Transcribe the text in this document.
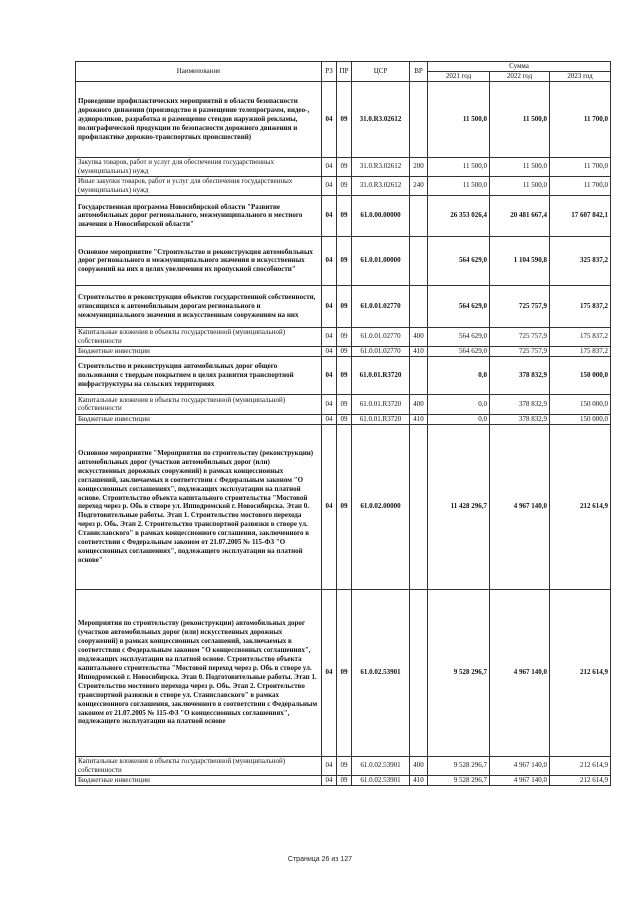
Наименование	РЗ	ПР	ЦСР	ВР	Сумма		
					2021 год	2022 год	2023 год
Проведение профилактических мероприятий в области безопасности дорожного движения (производство и размещение телепрограмм, видео-, аудиороликов, разработка и размещение стендов наружной рекламы, полиграфической продукции по безопасности дорожного движения и профилактике дорожно-транспортных происшествий)	04	09	31.0.R3.02612		11 500,0	11 500,0	11 700,0
Закупка товаров, работ и услуг для обеспечения государственных (муниципальных) нужд	04	09	31.0.R3.02612	200	11 500,0	11 500,0	11 700,0
Иные закупки товаров, работ и услуг для обеспечения государственных (муниципальных) нужд	04	09	31.0.R3.02612	240	11 500,0	11 500,0	11 700,0
Государственная программа Новосибирской области "Развитие автомобильных дорог регионального, межмуниципального и местного значения в Новосибирской области"	04	09	61.0.00.00000		26 353 026,4	20 481 667,4	17 607 842,1
Основное мероприятие "Строительство и реконструкция автомобильных дорог регионального и межмуниципального значения и искусственных сооружений на них в целях увеличения их пропускной способности"	04	09	61.0.01.00000		564 629,0	1 104 590,8	325 837,2
Строительство и реконструкция объектов государственной собственности, относящихся к автомобильным дорогам регионального и межмуниципального значения и искусственным сооружениям на них	04	09	61.0.01.02770		564 629,0	725 757,9	175 837,2
Капитальные вложения в объекты государственной (муниципальной) собственности	04	09	61.0.01.02770	400	564 629,0	725 757,9	175 837,2
Бюджетные инвестиции	04	09	61.0.01.02770	410	564 629,0	725 757,9	175 837,2
Строительство и реконструкция автомобильных дорог общего пользования с твердым покрытием в целях развития транспортной инфраструктуры на сельских территориях	04	09	61.0.01.R3720		0,0	378 832,9	150 000,0
Капитальные вложения в объекты государственной (муниципальной) собственности	04	09	61.0.01.R3720	400	0,0	378 832,9	150 000,0
Бюджетные инвестиции	04	09	61.0.01.R3720	410	0,0	378 832,9	150 000,0
Основное мероприятие "Мероприятия по строительству (реконструкции) автомобильных дорог (участков автомобильных дорог (или) искусственных дорожных сооружений) в рамках концессионных соглашений, заключаемых в соответствии с Федеральным законом "О концессионных соглашениях", подлежащих эксплуатации на платной основе. Строительство объекта капитального строительства "Мостовой переход через р. Обь в створе ул. Ипподромской г. Новосибирска. Этап 0. Подготовительные работы. Этап 1. Строительство мостового перехода через р. Обь. Этап 2. Строительство транспортной развязки в створе ул. Станиславского" в рамках концессионного соглашения, заключенного в соответствии с Федеральным законом от 21.07.2005 № 115-ФЗ "О концессионных соглашениях", подлежащего эксплуатации на платной основе"	04	09	61.0.02.00000		11 428 296,7	4 967 140,0	212 614,9
Мероприятия по строительству (реконструкции) автомобильных дорог (участков автомобильных дорог (или) искусственных дорожных сооружений) в рамках концессионных соглашений, заключаемых в соответствии с Федеральным законом "О концессионных соглашениях", подлежащих эксплуатации на платной основе. Строительство объекта капитального строительства "Мостовой переход через р. Обь в створе ул. Ипподромской г. Новосибирска. Этап 0. Подготовительные работы. Этап 1. Строительство мостового перехода через р. Обь. Этап 2. Строительство транспортной развязки в створе ул. Станиславского" в рамках концессионного соглашения, заключенного в соответствии с Федеральным законом от 21.07.2005 № 115-ФЗ "О концессионных соглашениях", подлежащего эксплуатации на платной основе	04	09	61.0.02.53901		9 528 296,7	4 967 140,0	212 614,9
Капитальные вложения в объекты государственной (муниципальной) собственности	04	09	61.0.02.53901	400	9 528 296,7	4 967 140,0	212 614,9
Бюджетные инвестиции	04	09	61.0.02.53901	410	9 528 296,7	4 967 140,0	212 614,9
Страница 26 из 127
